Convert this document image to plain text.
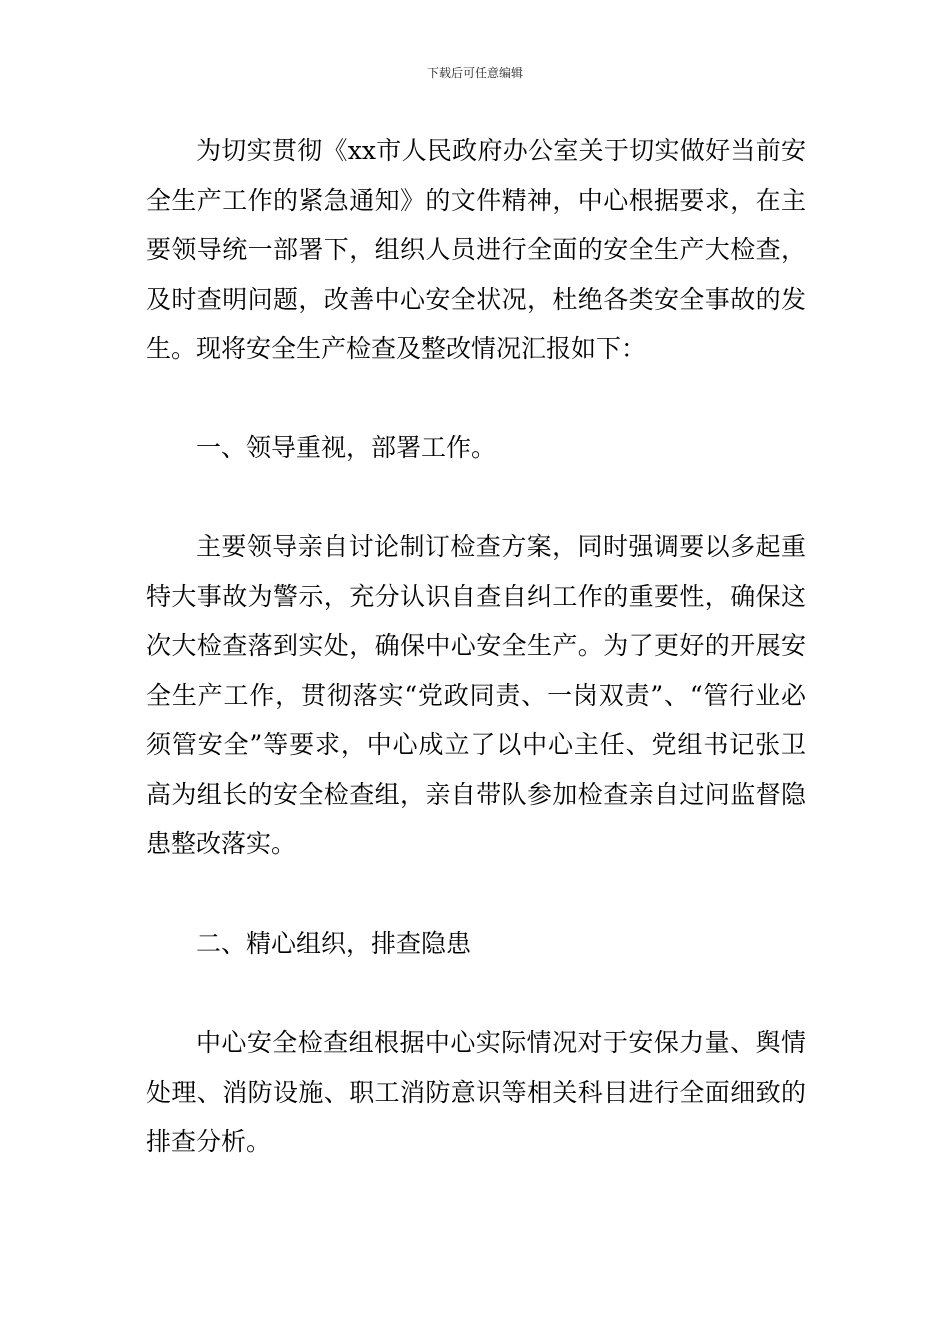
下载后可任意编辑

为切实贯彻《xx市人民政府办公室关于切实做好当前安全生产工作的紧急通知》的文件精神，中心根据要求，在主要领导统一部署下，组织人员进行全面的安全生产大检查，及时查明问题，改善中心安全状况，杜绝各类安全事故的发生。现将安全生产检查及整改情况汇报如下：

一、领导重视，部署工作。

主要领导亲自讨论制订检查方案，同时强调要以多起重特大事故为警示，充分认识自查自纠工作的重要性，确保这次大检查落到实处，确保中心安全生产。为了更好的开展安全生产工作，贯彻落实“党政同责、一岗双责”、“管行业必须管安全”等要求，中心成立了以中心主任、党组书记张卫高为组长的安全检查组，亲自带队参加检查亲自过问监督隐患整改落实。

二、精心组织，排查隐患

中心安全检查组根据中心实际情况对于安保力量、舆情处理、消防设施、职工消防意识等相关科目进行全面细致的排查分析。
